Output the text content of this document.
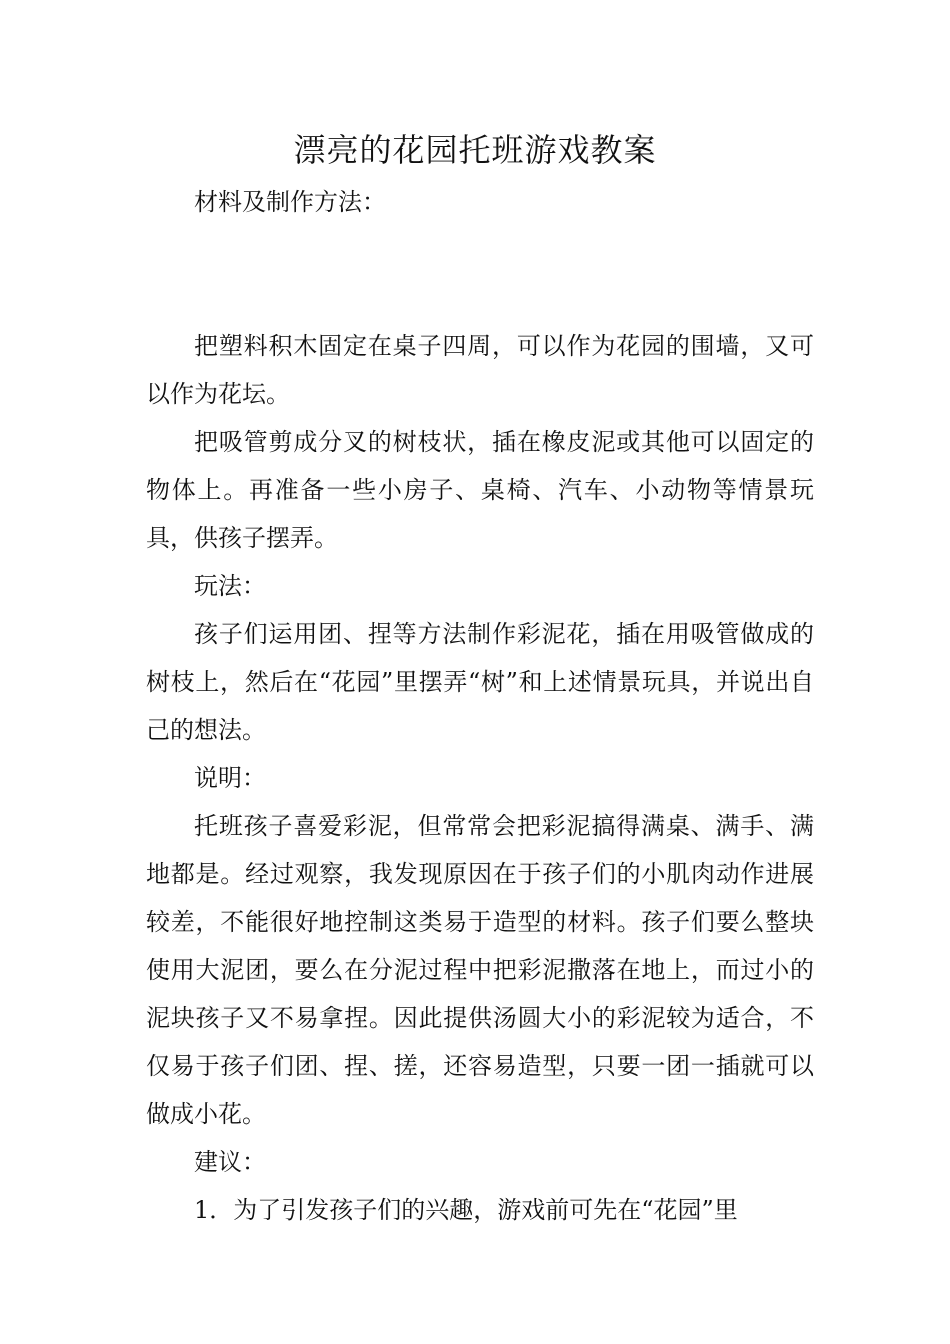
漂亮的花园托班游戏教案

材料及制作方法：

把塑料积木固定在桌子四周，可以作为花园的围墙，又可以作为花坛。

把吸管剪成分叉的树枝状，插在橡皮泥或其他可以固定的物体上。再准备一些小房子、桌椅、汽车、小动物等情景玩具，供孩子摆弄。

玩法：

孩子们运用团、捏等方法制作彩泥花，插在用吸管做成的树枝上，然后在“花园”里摆弄“树”和上述情景玩具，并说出自己的想法。

说明：

托班孩子喜爱彩泥，但常常会把彩泥搞得满桌、满手、满地都是。经过观察，我发现原因在于孩子们的小肌肉动作进展较差，不能很好地控制这类易于造型的材料。孩子们要么整块使用大泥团，要么在分泥过程中把彩泥撒落在地上，而过小的泥块孩子又不易拿捏。因此提供汤圆大小的彩泥较为适合，不仅易于孩子们团、捏、搓，还容易造型，只要一团一插就可以做成小花。

建议：

1．为了引发孩子们的兴趣，游戏前可先在“花园”里
